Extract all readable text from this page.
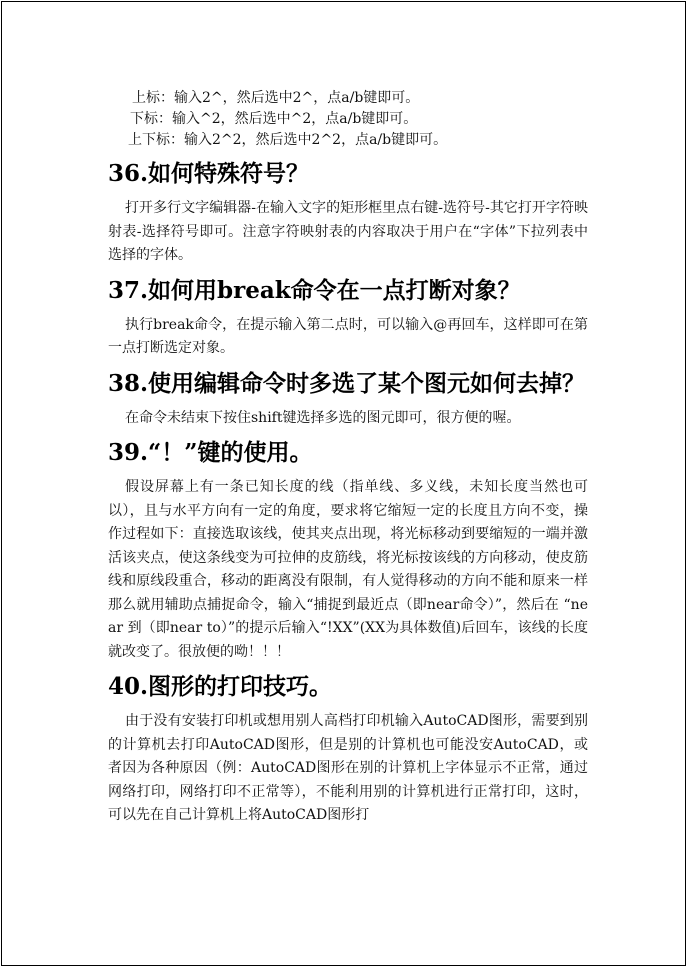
上标：输入2^，然后选中2^，点a/b键即可。

下标：输入^2，然后选中^2，点a/b键即可。

上下标：输入2^2，然后选中2^2，点a/b键即可。

36.如何特殊符号？

打开多行文字编辑器-在输入文字的矩形框里点右键-选符号-其它打开字符映射表-选择符号即可。注意字符映射表的内容取决于用户在“字体”下拉列表中选择的字体。

37.如何用break命令在一点打断对象？

执行break命令，在提示输入第二点时，可以输入@再回车，这样即可在第一点打断选定对象。

38.使用编辑命令时多选了某个图元如何去掉？

在命令未结束下按住shift键选择多选的图元即可，很方便的喔。

39.“！”键的使用。

假设屏幕上有一条已知长度的线（指单线、多义线，未知长度当然也可以），且与水平方向有一定的角度，要求将它缩短一定的长度且方向不变，操作过程如下：直接选取该线，使其夹点出现，将光标移动到要缩短的一端并激活该夹点，使这条线变为可拉伸的皮筋线，将光标按该线的方向移动，使皮筋线和原线段重合，移动的距离没有限制，有人觉得移动的方向不能和原来一样那么就用辅助点捕捉命令，输入“捕捉到最近点（即near命令）”，然后在 “near 到（即near to）”的提示后输入“!XX”(XX为具体数值)后回车，该线的长度就改变了。很放便的呦！！！

40.图形的打印技巧。

由于没有安装打印机或想用别人高档打印机输入AutoCAD图形，需要到别的计算机去打印AutoCAD图形，但是别的计算机也可能没安AutoCAD，或者因为各种原因（例：AutoCAD图形在别的计算机上字体显示不正常，通过网络打印，网络打印不正常等），不能利用别的计算机进行正常打印，这时，可以先在自己计算机上将AutoCAD图形打
